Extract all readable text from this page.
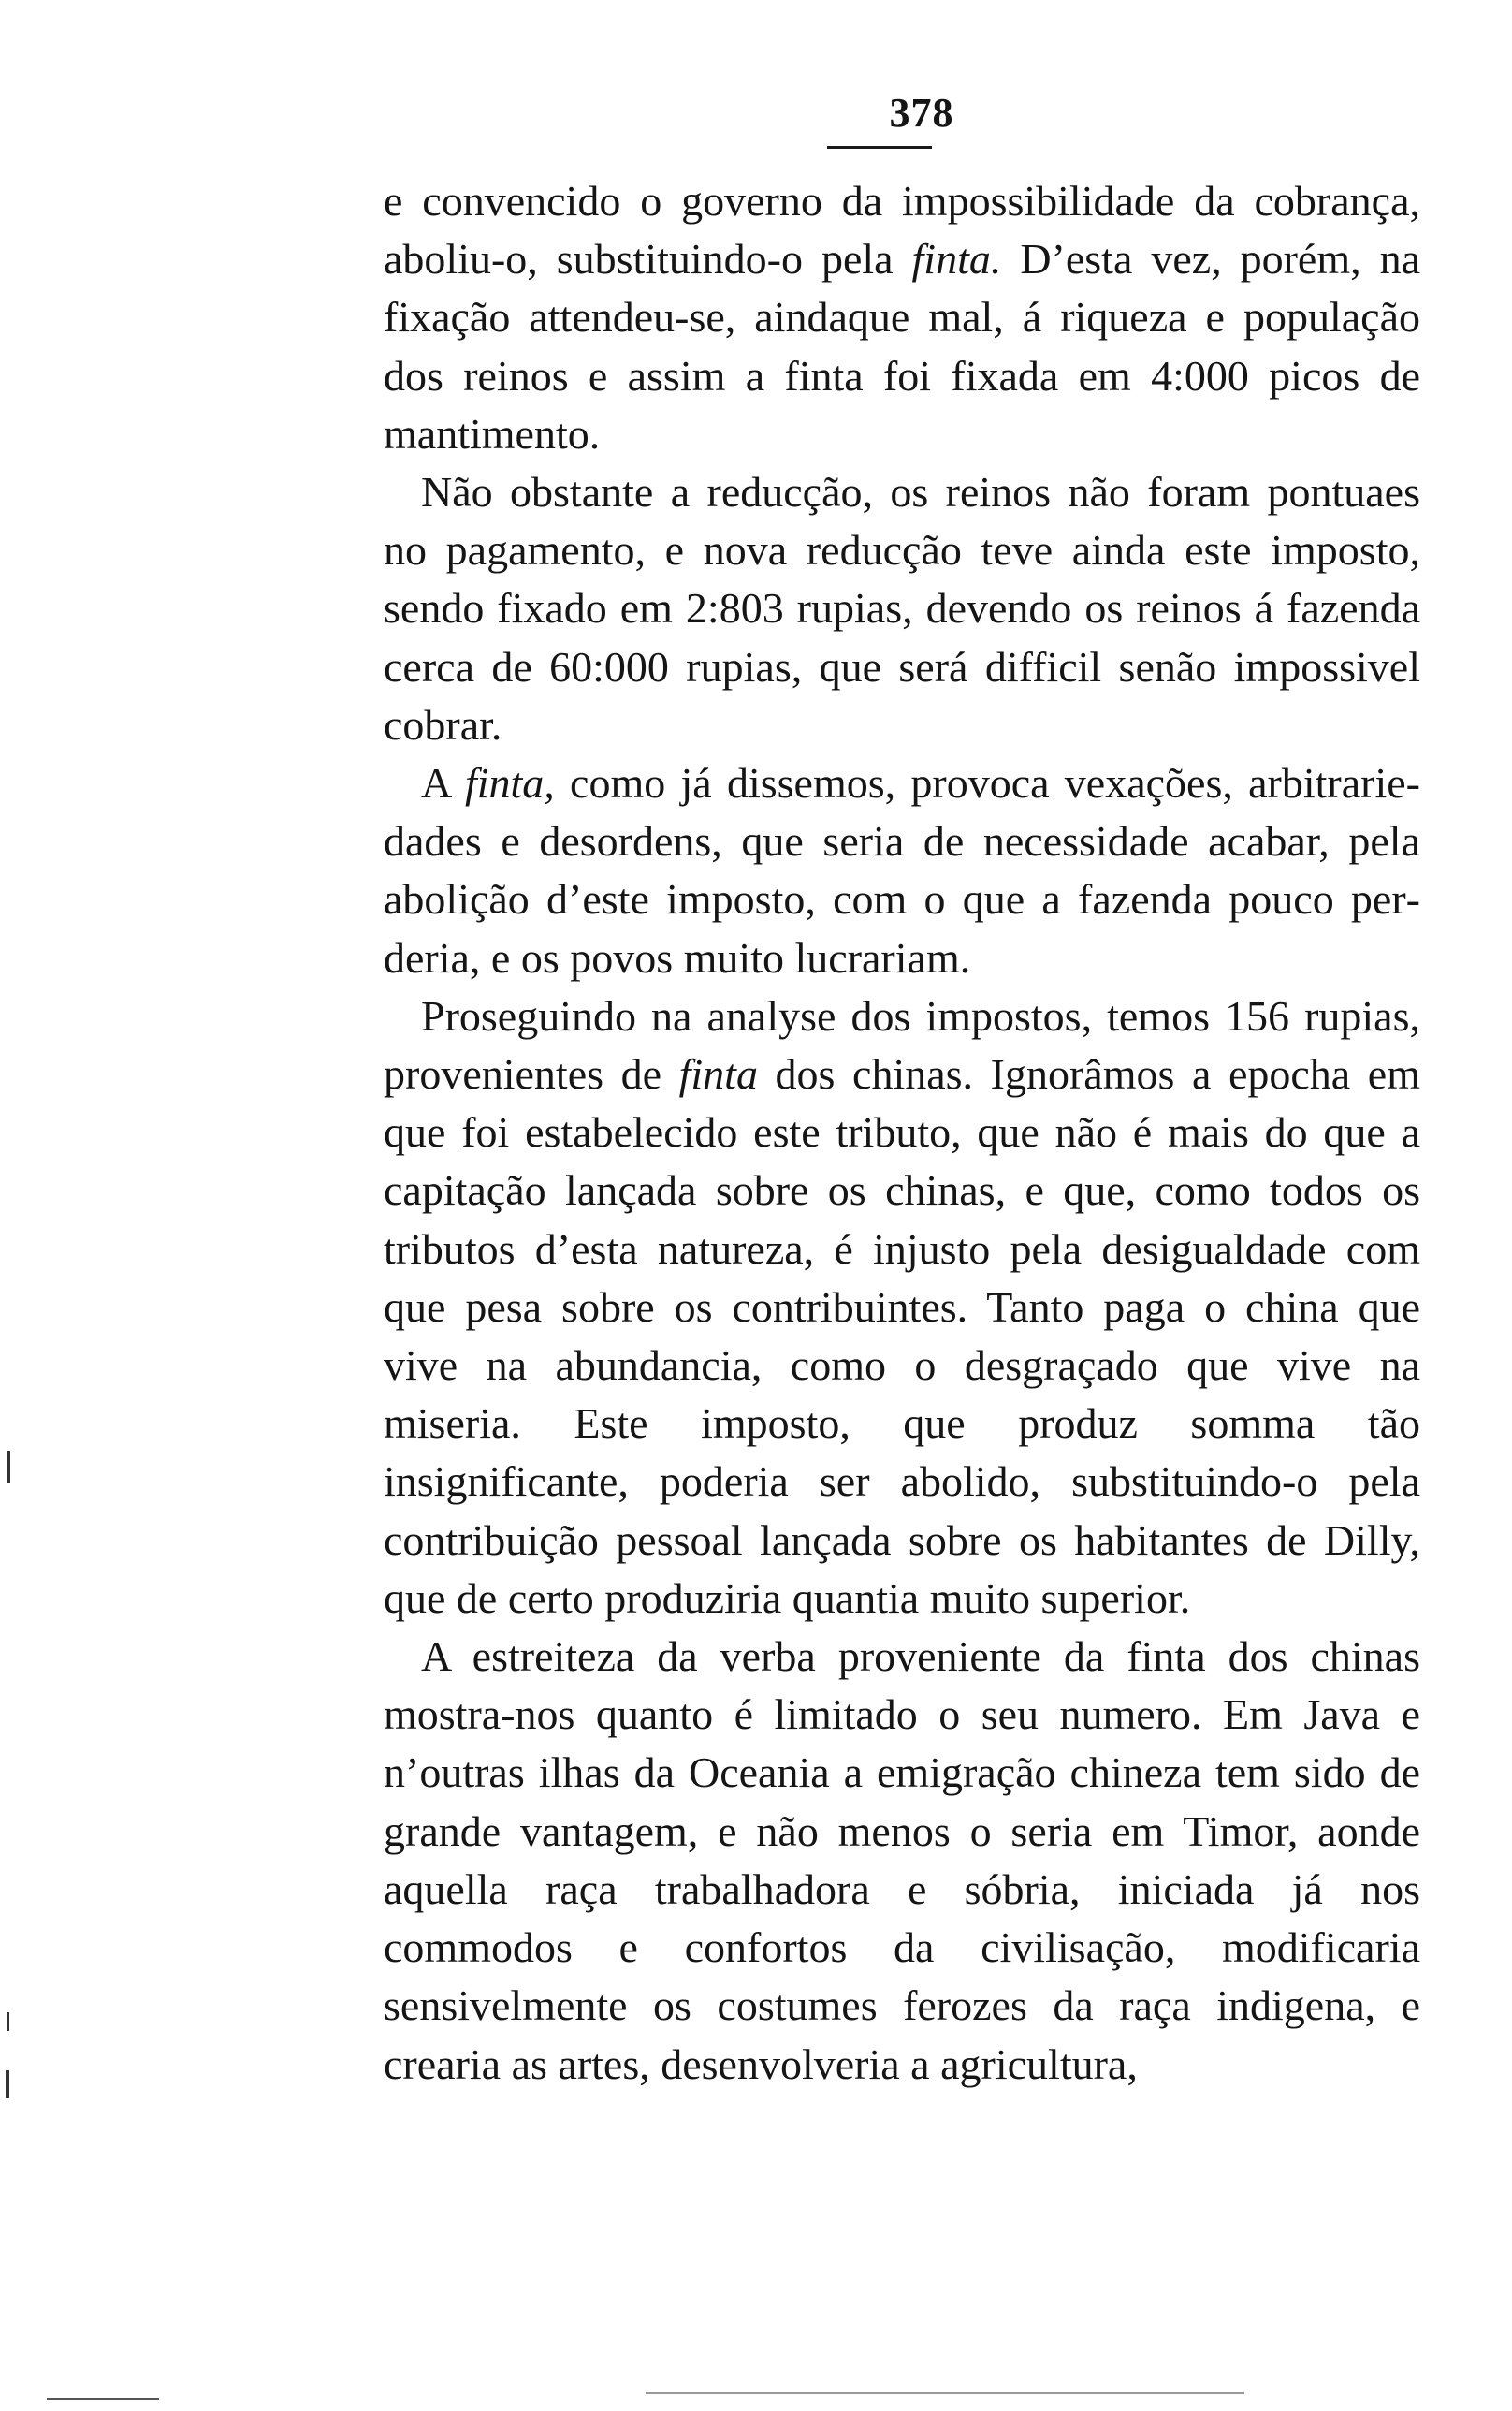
378

e convencido o governo da impossibilidade da cobrança, aboliu-o, substituindo-o pela finta. D’esta vez, porém, na fixação attendeu-se, aindaque mal, á riqueza e população dos reinos e assim a finta foi fixada em 4:000 picos de mantimento.

Não obstante a reducção, os reinos não foram pontuaes no pagamento, e nova reducção teve ainda este imposto, sendo fixado em 2:803 rupias, devendo os reinos á fazenda cerca de 60:000 rupias, que será difficil senão impossivel cobrar.

A finta, como já dissemos, provoca vexações, arbitrariedades e desordens, que seria de necessidade acabar, pela abolição d’este imposto, com o que a fazenda pouco perderia, e os povos muito lucrariam.

Proseguindo na analyse dos impostos, temos 156 rupias, provenientes de finta dos chinas. Ignorâmos a epocha em que foi estabelecido este tributo, que não é mais do que a capitação lançada sobre os chinas, e que, como todos os tributos d’esta natureza, é injusto pela desigualdade com que pesa sobre os contribuintes. Tanto paga o china que vive na abundancia, como o desgraçado que vive na miseria. Este imposto, que produz somma tão insignificante, poderia ser abolido, substituindo-o pela contribuição pessoal lançada sobre os habitantes de Dilly, que de certo produziria quantia muito superior.

A estreiteza da verba proveniente da finta dos chinas mostra-nos quanto é limitado o seu numero. Em Java e n’outras ilhas da Oceania a emigração chineza tem sido de grande vantagem, e não menos o seria em Timor, aonde aquella raça trabalhadora e sóbria, iniciada já nos commodos e confortos da civilisação, modificaria sensivelmente os costumes ferozes da raça indigena, e crearia as artes, desenvolveria a agricultura,
